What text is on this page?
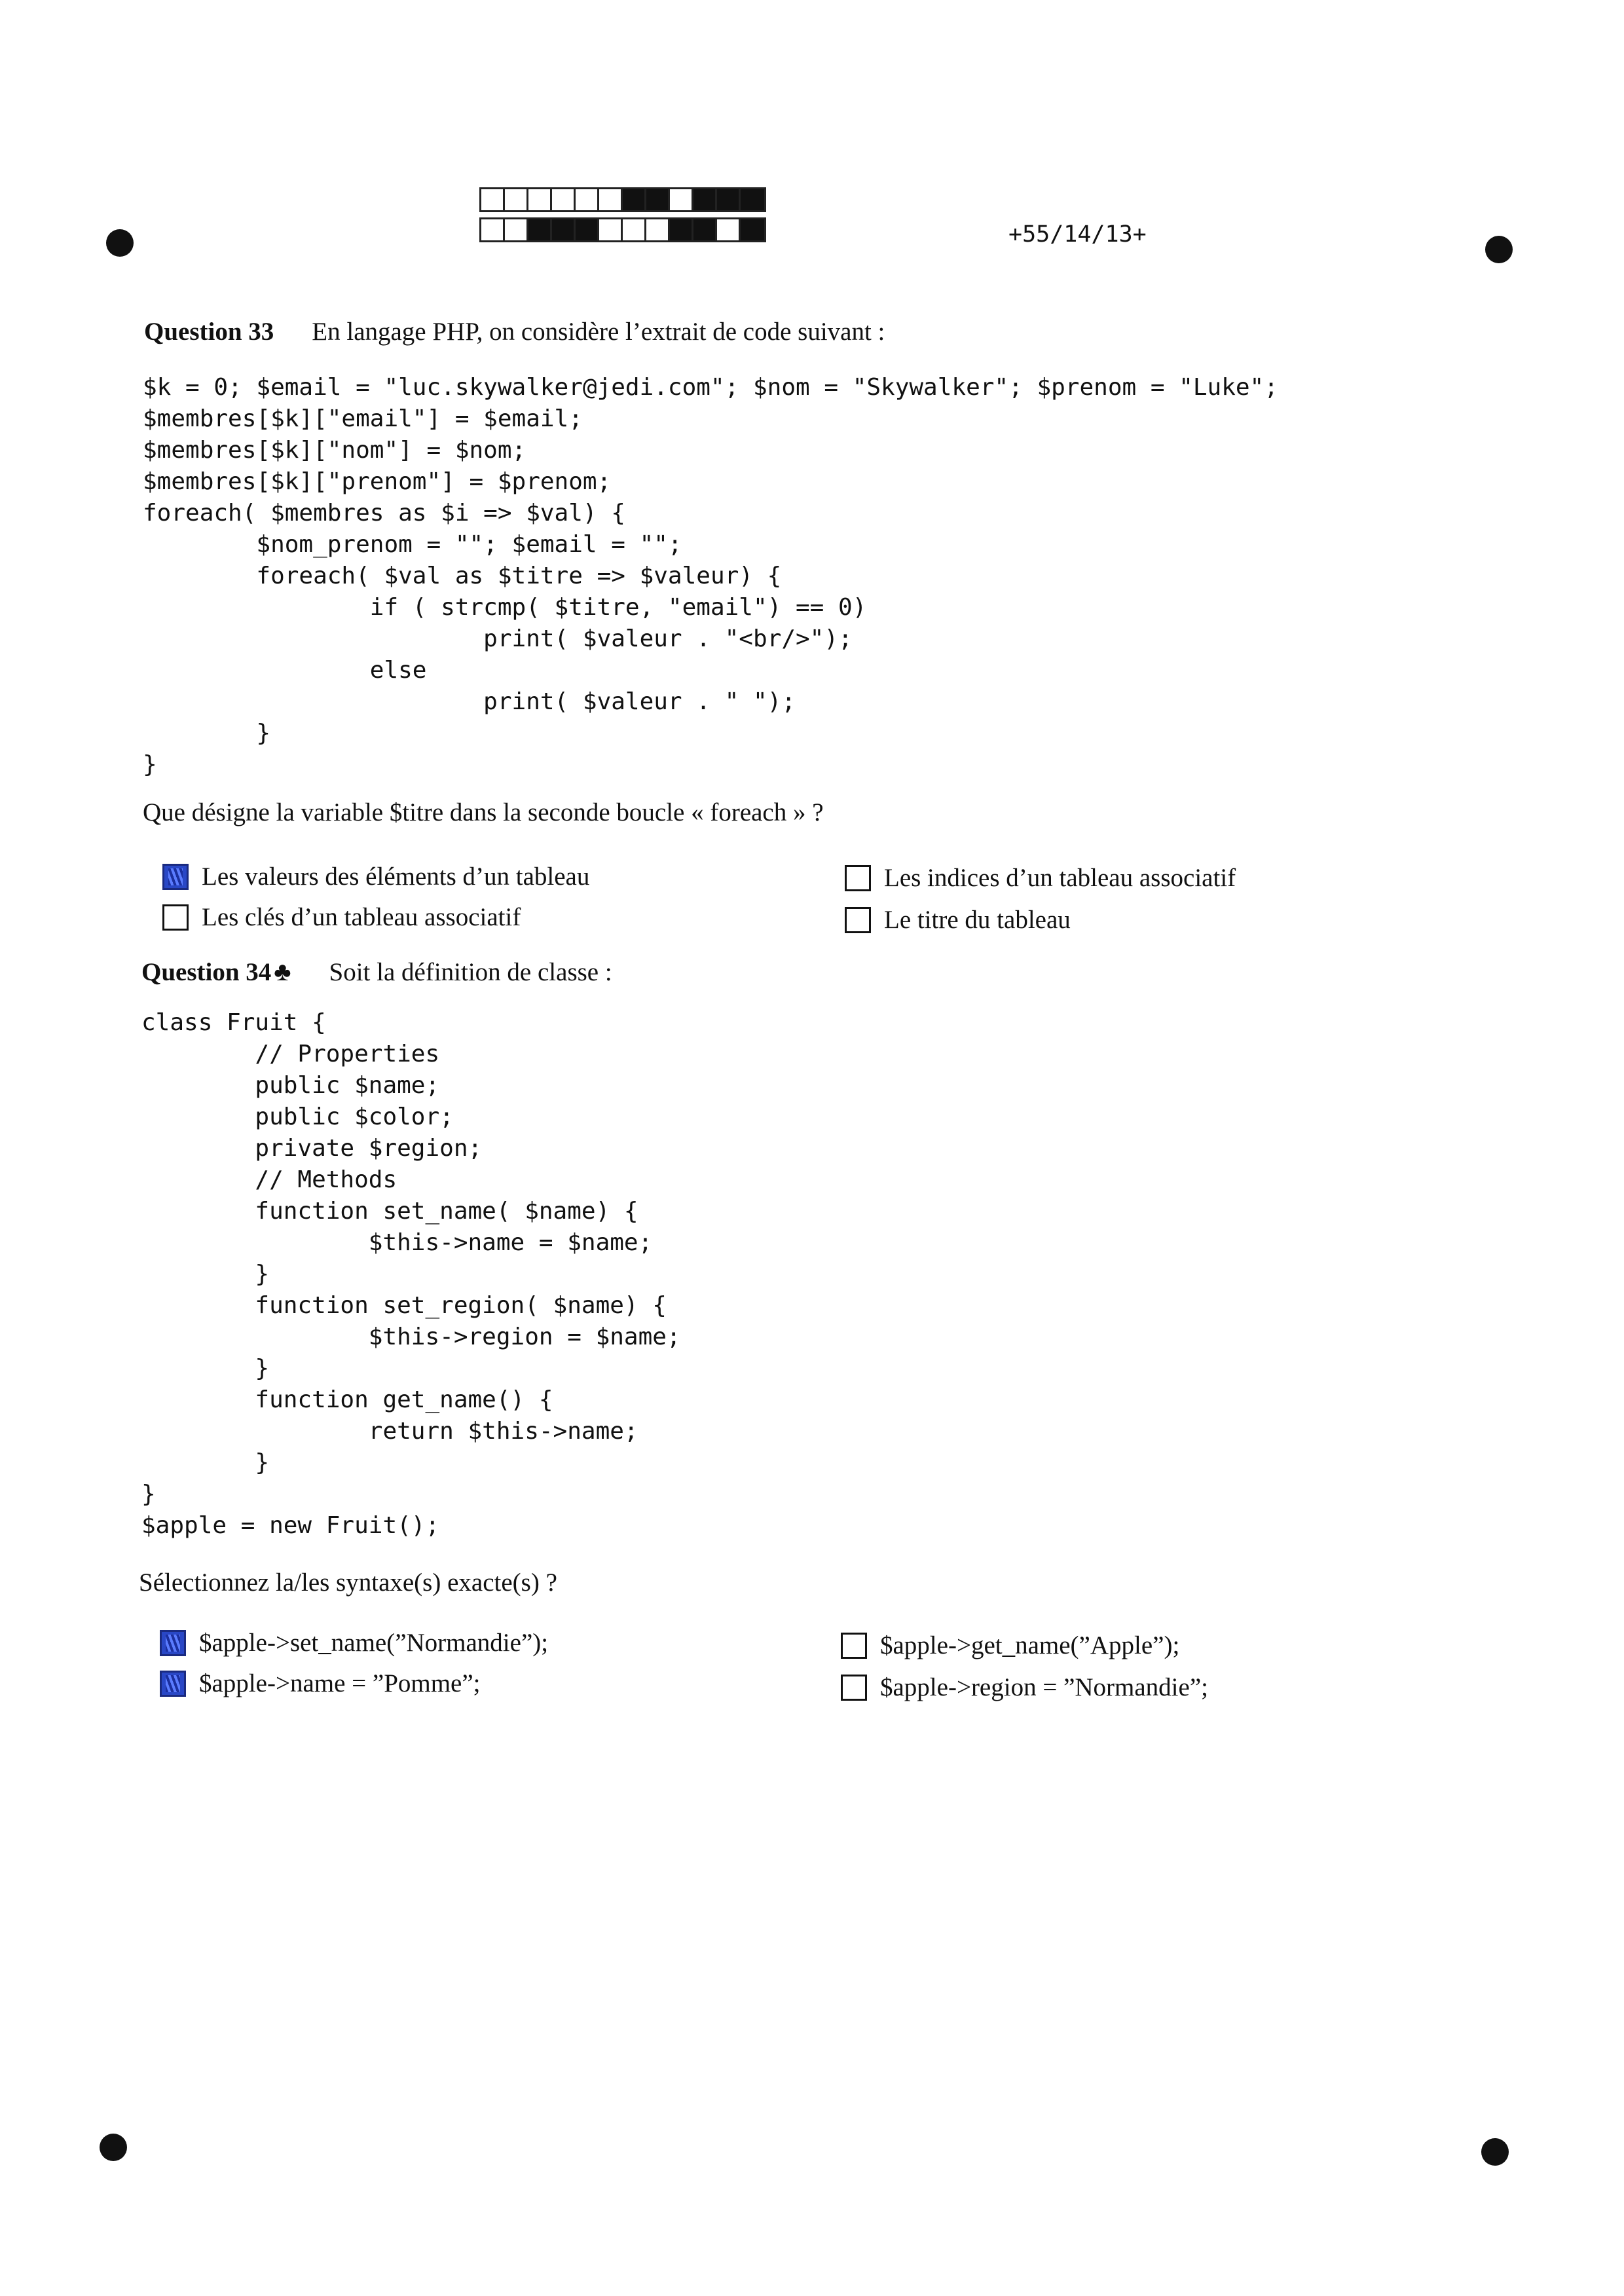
+55/14/13+
Question 33 En langage PHP, on considère l’extrait de code suivant :
$k = 0; $email = "luc.skywalker@jedi.com"; $nom = "Skywalker"; $prenom = "Luke";
$membres[$k]["email"] = $email;
$membres[$k]["nom"] = $nom;
$membres[$k]["prenom"] = $prenom;
foreach( $membres as $i => $val) {
$nom_prenom = ""; $email = "";
foreach( $val as $titre => $valeur) {
if ( strcmp( $titre, "email") == 0)
print( $valeur . "<br/>");
else
print( $valeur . " ");
}
}
Que désigne la variable $titre dans la seconde boucle « foreach » ?
Les valeurs des éléments d’un tableau	Les indices d’un tableau associatif
Les clés d’un tableau associatif	Le titre du tableau
Question 34 ♣ Soit la définition de classe :
class Fruit {
// Properties
public $name;
public $color;
private $region;
// Methods
function set_name( $name) {
$this->name = $name;
}
function set_region( $name) {
$this->region = $name;
}
function get_name() {
return $this->name;
}
}
$apple = new Fruit();
Sélectionnez la/les syntaxe(s) exacte(s) ?
$apple->set_name(”Normandie”);	$apple->get_name(”Apple”);
$apple->name = ”Pomme”;	$apple->region = ”Normandie”;
